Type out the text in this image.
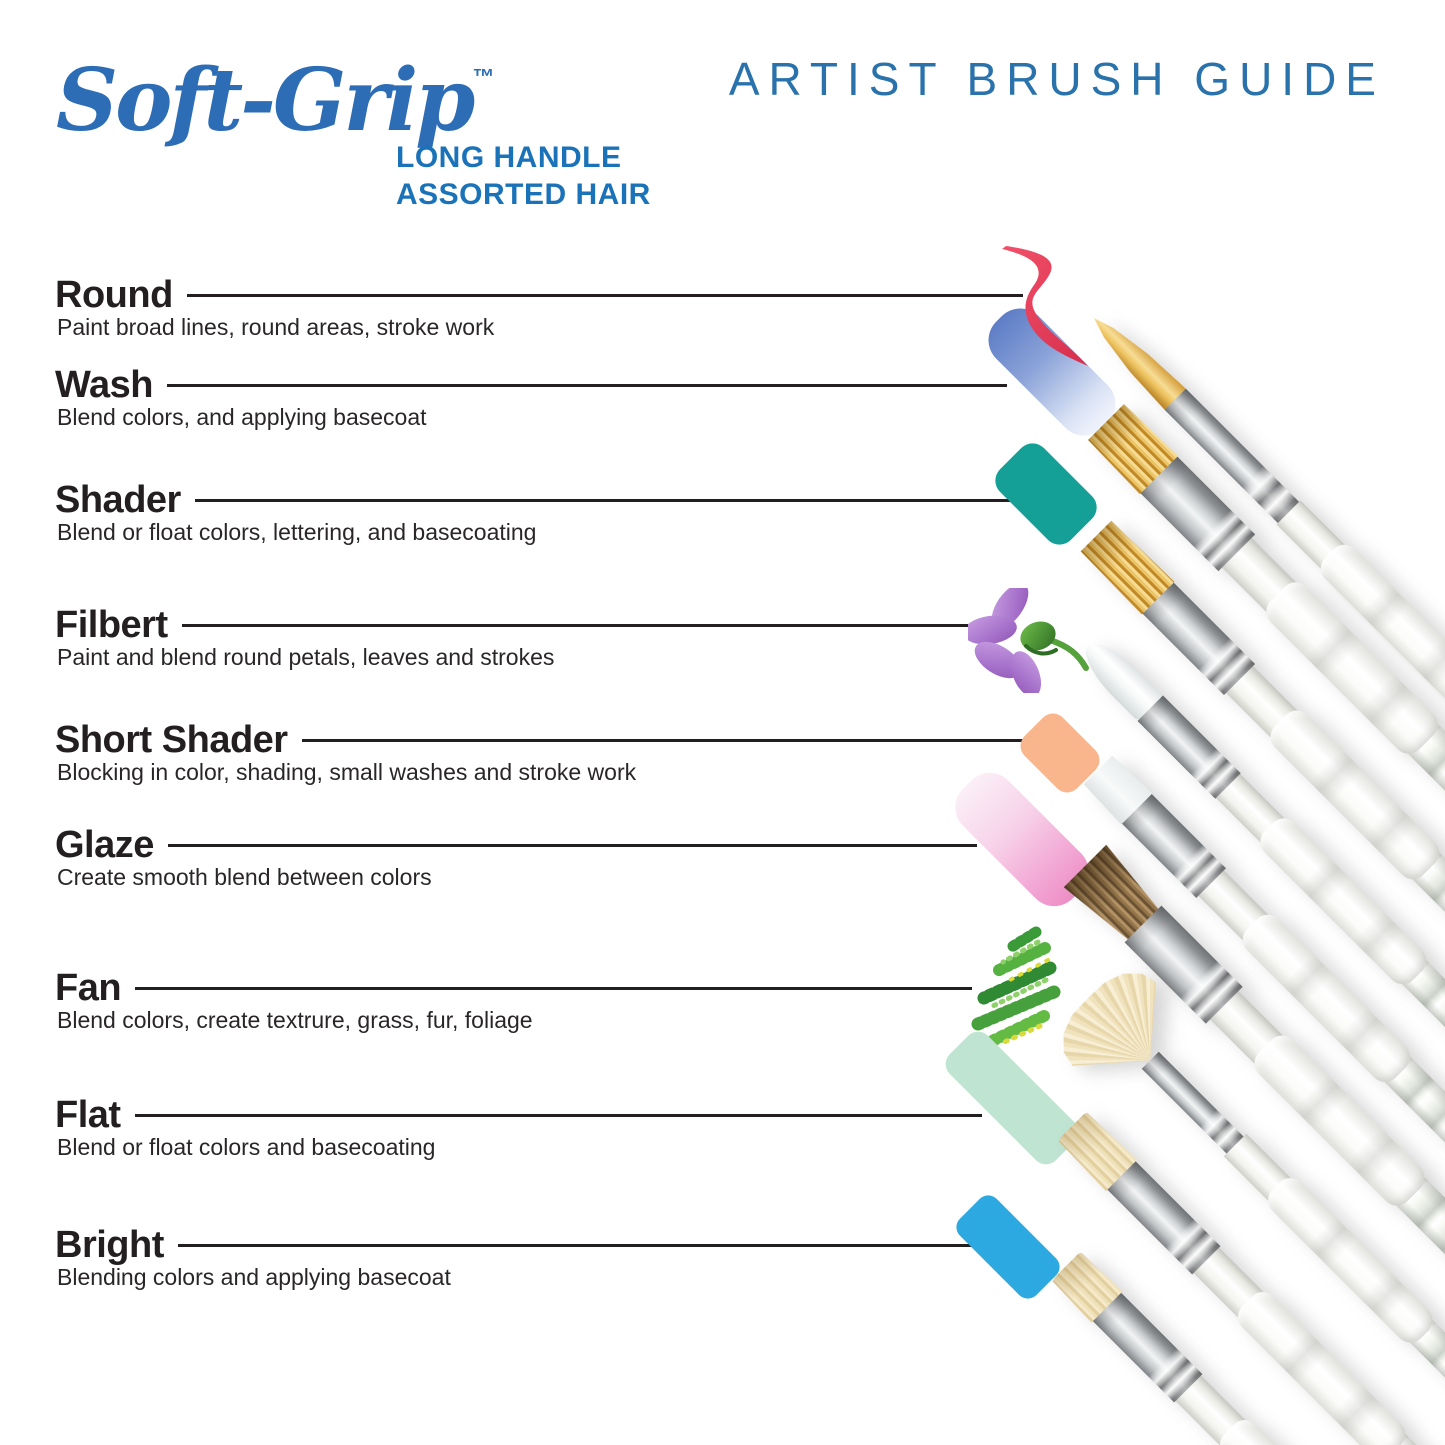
Soft-Grip™
LONG HANDLE
ASSORTED HAIR
ARTIST BRUSH GUIDE
Round
Paint broad lines, round areas, stroke work
Wash
Blend colors, and applying basecoat
Shader
Blend or float colors, lettering, and basecoating
Filbert
Paint and blend round petals, leaves and strokes
Short Shader
Blocking in color, shading, small washes and stroke work
Glaze
Create smooth blend between colors
Fan
Blend colors, create textrure, grass, fur, foliage
Flat
Blend or float colors and basecoating
Bright
Blending colors and applying basecoat
